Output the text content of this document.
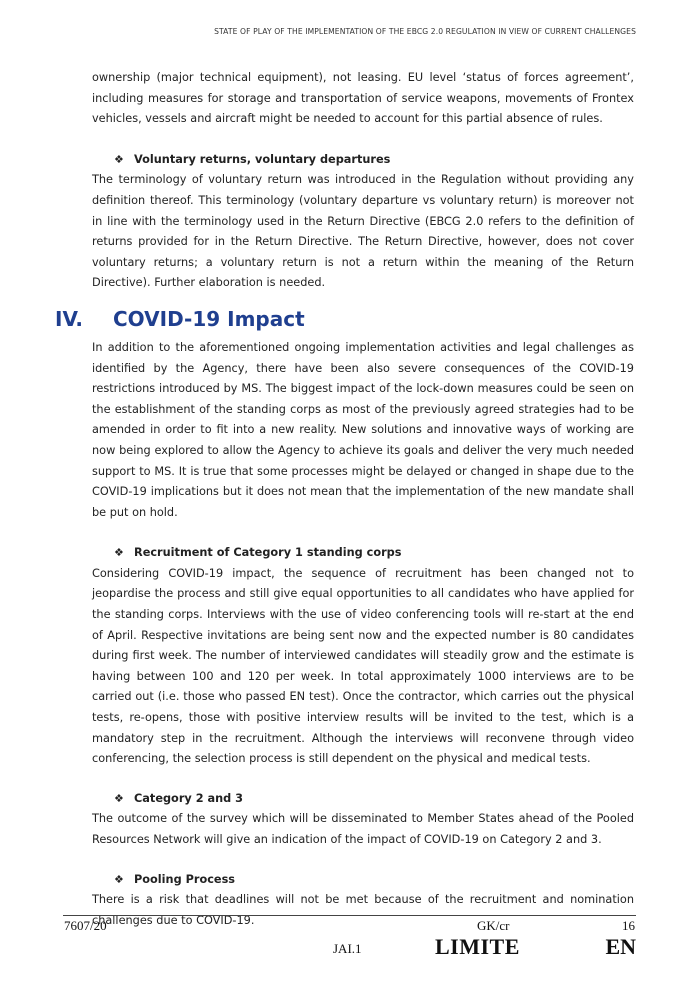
STATE OF PLAY OF THE IMPLEMENTATION OF THE EBCG 2.0 REGULATION IN VIEW OF CURRENT CHALLENGES

ownership (major technical equipment), not leasing. EU level ‘status of forces agreement’, including measures for storage and transportation of service weapons, movements of Frontex vehicles, vessels and aircraft might be needed to account for this partial absence of rules.

❖ Voluntary returns, voluntary departures

The terminology of voluntary return was introduced in the Regulation without providing any definition thereof. This terminology (voluntary departure vs voluntary return) is moreover not in line with the terminology used in the Return Directive (EBCG 2.0 refers to the definition of returns provided for in the Return Directive. The Return Directive, however, does not cover voluntary returns; a voluntary return is not a return within the meaning of the Return Directive). Further elaboration is needed.

IV. COVID-19 Impact

In addition to the aforementioned ongoing implementation activities and legal challenges as identified by the Agency, there have been also severe consequences of the COVID-19 restrictions introduced by MS. The biggest impact of the lock-down measures could be seen on the establishment of the standing corps as most of the previously agreed strategies had to be amended in order to fit into a new reality. New solutions and innovative ways of working are now being explored to allow the Agency to achieve its goals and deliver the very much needed support to MS. It is true that some processes might be delayed or changed in shape due to the COVID-19 implications but it does not mean that the implementation of the new mandate shall be put on hold.

❖ Recruitment of Category 1 standing corps

Considering COVID-19 impact, the sequence of recruitment has been changed not to jeopardise the process and still give equal opportunities to all candidates who have applied for the standing corps. Interviews with the use of video conferencing tools will re-start at the end of April. Respective invitations are being sent now and the expected number is 80 candidates during first week. The number of interviewed candidates will steadily grow and the estimate is having between 100 and 120 per week. In total approximately 1000 interviews are to be carried out (i.e. those who passed EN test). Once the contractor, which carries out the physical tests, re-opens, those with positive interview results will be invited to the test, which is a mandatory step in the recruitment. Although the interviews will reconvene through video conferencing, the selection process is still dependent on the physical and medical tests.

❖ Category 2 and 3

The outcome of the survey which will be disseminated to Member States ahead of the Pooled Resources Network will give an indication of the impact of COVID-19 on Category 2 and 3.

❖ Pooling Process

There is a risk that deadlines will not be met because of the recruitment and nomination challenges due to COVID-19.

7607/20	GK/cr	16
JAI.1	LIMITE	EN
